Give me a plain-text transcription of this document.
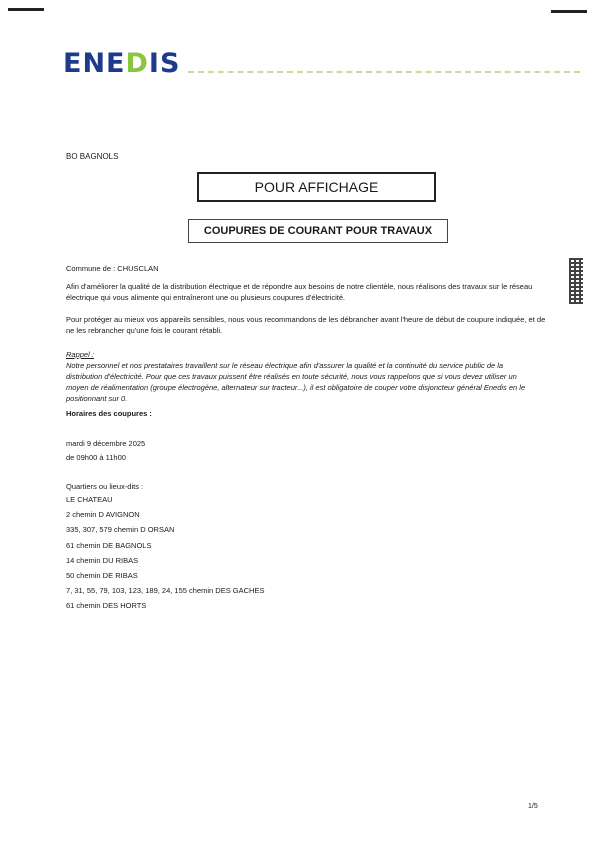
ENEDIS
BO BAGNOLS
POUR AFFICHAGE
COUPURES DE COURANT POUR TRAVAUX
Commune de : CHUSCLAN
Afin d'améliorer la qualité de la distribution électrique et de répondre aux besoins de notre clientèle, nous réalisons des travaux sur le réseau électrique qui vous alimente qui entraîneront une ou plusieurs coupures d'électricité.
Pour protéger au mieux vos appareils sensibles, nous vous recommandons de les débrancher avant l'heure de début de coupure indiquée, et de ne les rebrancher qu'une fois le courant rétabli.
Rappel :
Notre personnel et nos prestataires travaillent sur le réseau électrique afin d'assurer la qualité et la continuité du service public de la distribution d'électricité. Pour que ces travaux puissent être réalisés en toute sécurité, nous vous rappelons que si vous devez utiliser un moyen de réalimentation (groupe électrogène, alternateur sur tracteur...), il est obligatoire de couper votre disjoncteur général Enedis en le positionnant sur 0.
Horaires des coupures :
mardi 9 décembre 2025
de 09h00 à 11h00
Quartiers ou lieux-dits :
LE CHATEAU
2 chemin D AVIGNON
335, 307, 579 chemin D ORSAN
61 chemin DE BAGNOLS
14 chemin DU RIBAS
50 chemin DE RIBAS
7, 31, 55, 79, 103, 123, 189, 24, 155 chemin DES GACHES
61 chemin DES HORTS
1/5
